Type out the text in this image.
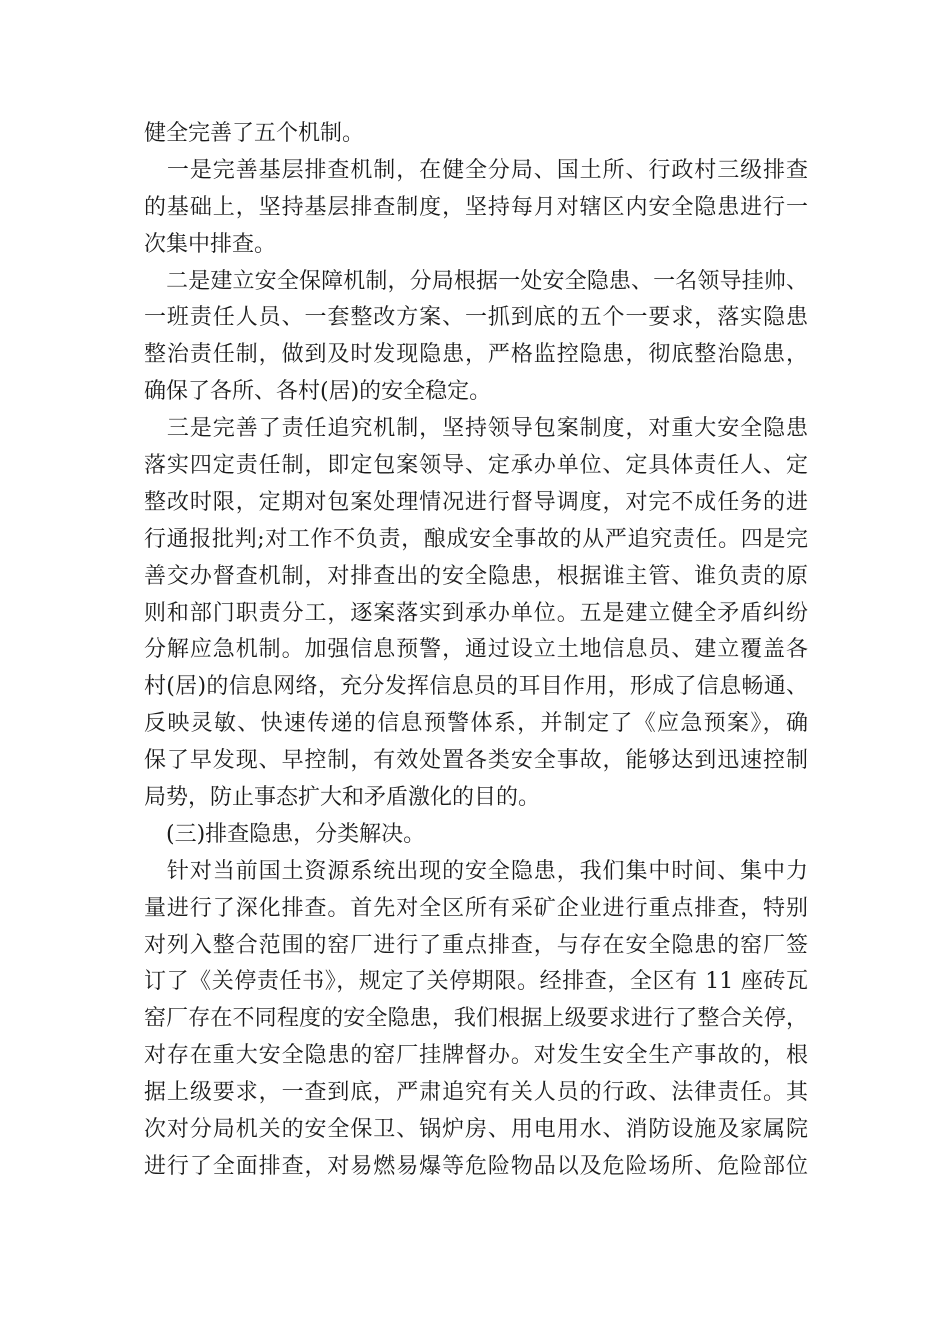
健全完善了五个机制。
　一是完善基层排查机制，在健全分局、国土所、行政村三级排查
的基础上，坚持基层排查制度，坚持每月对辖区内安全隐患进行一
次集中排查。
　二是建立安全保障机制，分局根据一处安全隐患、一名领导挂帅、
一班责任人员、一套整改方案、一抓到底的五个一要求，落实隐患
整治责任制，做到及时发现隐患，严格监控隐患，彻底整治隐患，
确保了各所、各村(居)的安全稳定。
　三是完善了责任追究机制，坚持领导包案制度，对重大安全隐患
落实四定责任制，即定包案领导、定承办单位、定具体责任人、定
整改时限，定期对包案处理情况进行督导调度，对完不成任务的进
行通报批判;对工作不负责，酿成安全事故的从严追究责任。四是完
善交办督查机制，对排查出的安全隐患，根据谁主管、谁负责的原
则和部门职责分工，逐案落实到承办单位。五是建立健全矛盾纠纷
分解应急机制。加强信息预警，通过设立土地信息员、建立覆盖各
村(居)的信息网络，充分发挥信息员的耳目作用，形成了信息畅通、
反映灵敏、快速传递的信息预警体系，并制定了《应急预案》，确
保了早发现、早控制，有效处置各类安全事故，能够达到迅速控制
局势，防止事态扩大和矛盾激化的目的。
　(三)排查隐患，分类解决。
　针对当前国土资源系统出现的安全隐患，我们集中时间、集中力
量进行了深化排查。首先对全区所有采矿企业进行重点排查，特别
对列入整合范围的窑厂进行了重点排查，与存在安全隐患的窑厂签
订了《关停责任书》，规定了关停期限。经排查，全区有 11 座砖瓦
窑厂存在不同程度的安全隐患，我们根据上级要求进行了整合关停，
对存在重大安全隐患的窑厂挂牌督办。对发生安全生产事故的，根
据上级要求，一查到底，严肃追究有关人员的行政、法律责任。其
次对分局机关的安全保卫、锅炉房、用电用水、消防设施及家属院
进行了全面排查，对易燃易爆等危险物品以及危险场所、危险部位
